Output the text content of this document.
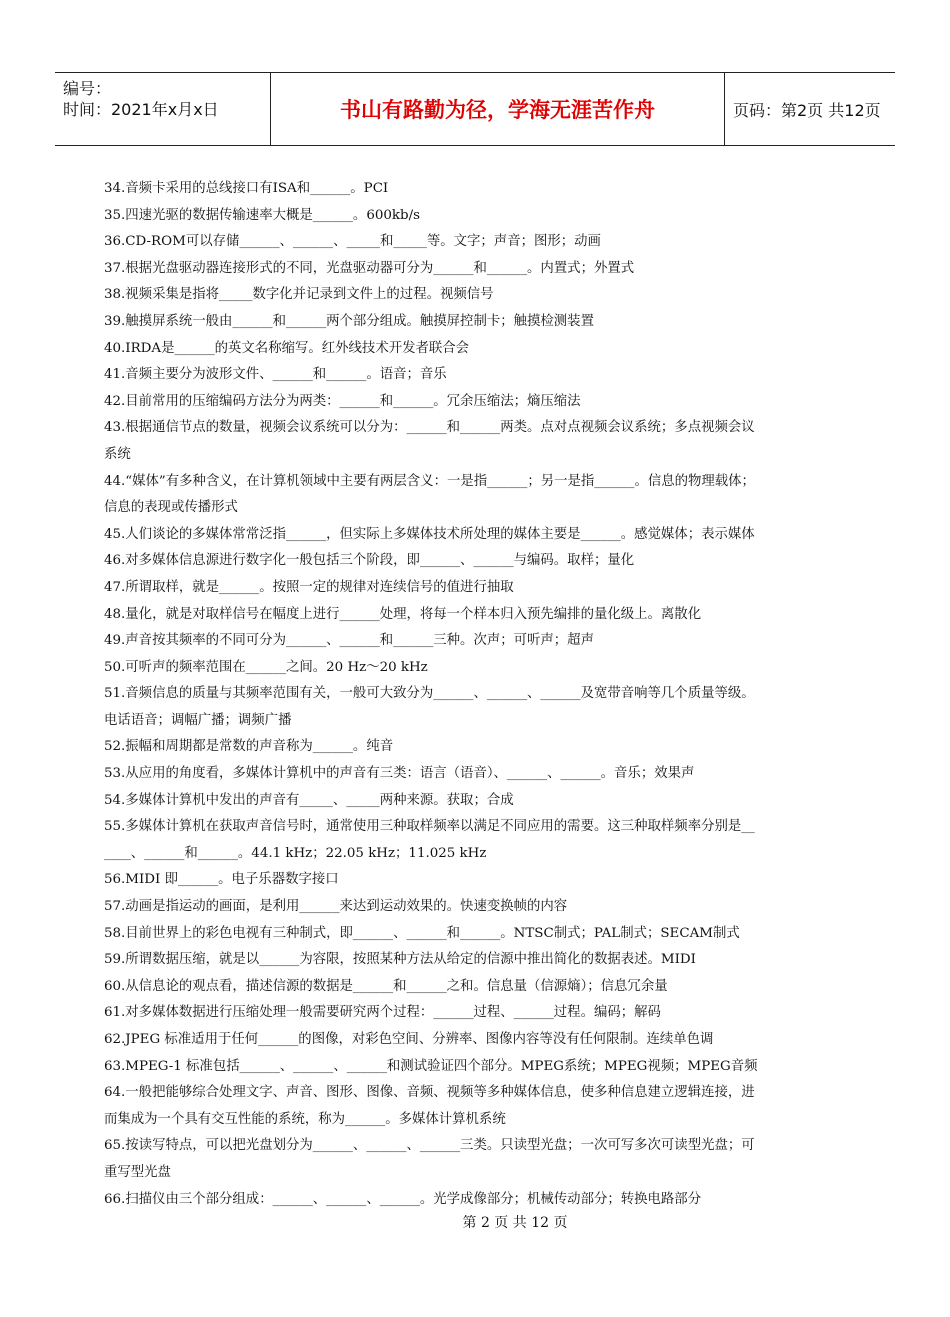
编号：
时间：2021年x月x日	书山有路勤为径，学海无涯苦作舟	页码：第2页 共12页
34.音频卡采用的总线接口有ISA和______。PCI
35.四速光驱的数据传输速率大概是______。600kb/s
36.CD-ROM可以存储______、______、_____和_____等。文字；声音；图形；动画
37.根据光盘驱动器连接形式的不同，光盘驱动器可分为______和______。内置式；外置式
38.视频采集是指将_____数字化并记录到文件上的过程。视频信号
39.触摸屏系统一般由______和______两个部分组成。触摸屏控制卡；触摸检测装置
40.IRDA是______的英文名称缩写。红外线技术开发者联合会
41.音频主要分为波形文件、______和______。语音；音乐
42.目前常用的压缩编码方法分为两类：______和______。冗余压缩法；熵压缩法
43.根据通信节点的数量，视频会议系统可以分为：______和______两类。点对点视频会议系统；多点视频会议
系统
44.“媒体”有多种含义，在计算机领域中主要有两层含义：一是指______；另一是指______。信息的物理载体；
信息的表现或传播形式
45.人们谈论的多媒体常常泛指______，但实际上多媒体技术所处理的媒体主要是______。感觉媒体；表示媒体
46.对多媒体信息源进行数字化一般包括三个阶段，即______、______与编码。取样；量化
47.所谓取样，就是______。按照一定的规律对连续信号的值进行抽取
48.量化，就是对取样信号在幅度上进行______处理，将每一个样本归入预先编排的量化级上。离散化
49.声音按其频率的不同可分为______、______和______三种。次声；可听声；超声
50.可听声的频率范围在______之间。20 Hz～20 kHz
51.音频信息的质量与其频率范围有关，一般可大致分为______、______、______及宽带音响等几个质量等级。
电话语音；调幅广播；调频广播
52.振幅和周期都是常数的声音称为______。纯音
53.从应用的角度看，多媒体计算机中的声音有三类：语言（语音）、______、______。音乐；效果声
54.多媒体计算机中发出的声音有_____、_____两种来源。获取；合成
55.多媒体计算机在获取声音信号时，通常使用三种取样频率以满足不同应用的需要。这三种取样频率分别是__
____、______和______。44.1 kHz；22.05 kHz；11.025 kHz
56.MIDI 即______。电子乐器数字接口
57.动画是指运动的画面，是利用______来达到运动效果的。快速变换帧的内容
58.目前世界上的彩色电视有三种制式，即______、______和______。NTSC制式；PAL制式；SECAM制式
59.所谓数据压缩，就是以______为容限，按照某种方法从给定的信源中推出简化的数据表述。MIDI
60.从信息论的观点看，描述信源的数据是______和______之和。信息量（信源熵）；信息冗余量
61.对多媒体数据进行压缩处理一般需要研究两个过程：______过程、______过程。编码；解码
62.JPEG 标准适用于任何______的图像，对彩色空间、分辨率、图像内容等没有任何限制。连续单色调
63.MPEG-1 标准包括______、______、______和测试验证四个部分。MPEG系统；MPEG视频；MPEG音频
64.一般把能够综合处理文字、声音、图形、图像、音频、视频等多种媒体信息，使多种信息建立逻辑连接，进
而集成为一个具有交互性能的系统，称为______。多媒体计算机系统
65.按读写特点，可以把光盘划分为______、______、______三类。只读型光盘；一次可写多次可读型光盘；可
重写型光盘
66.扫描仪由三个部分组成：______、______、______。光学成像部分；机械传动部分；转换电路部分
第 2 页 共 12 页
